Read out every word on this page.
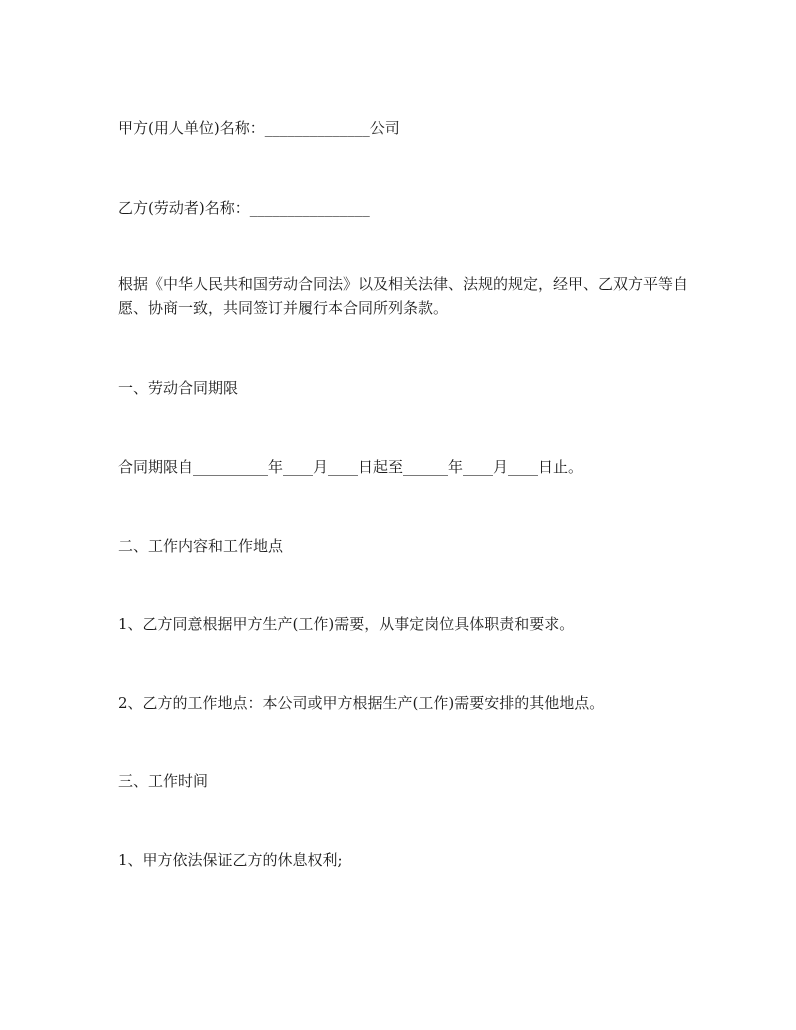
甲方(用人单位)名称：______________公司
乙方(劳动者)名称：________________
根据《中华人民共和国劳动合同法》以及相关法律、法规的规定，经甲、乙双方平等自愿、协商一致，共同签订并履行本合同所列条款。
一、劳动合同期限
合同期限自__________年____月____日起至______年____月____日止。
二、工作内容和工作地点
1、乙方同意根据甲方生产(工作)需要，从事定岗位具体职责和要求。
2、乙方的工作地点：本公司或甲方根据生产(工作)需要安排的其他地点。
三、工作时间
1、甲方依法保证乙方的休息权利;
